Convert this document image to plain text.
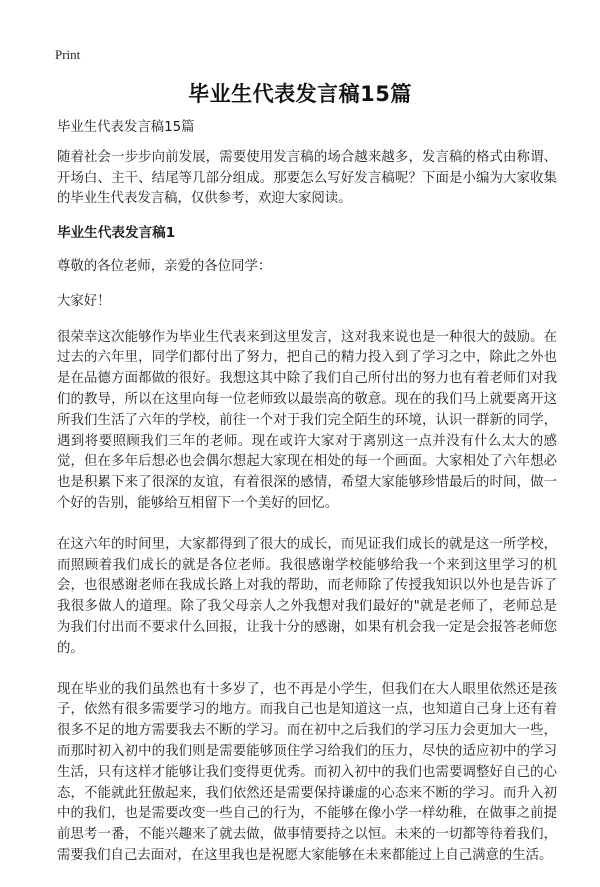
Print
毕业生代表发言稿15篇

毕业生代表发言稿15篇

随着社会一步步向前发展，需要使用发言稿的场合越来越多，发言稿的格式由称谓、开场白、主干、结尾等几部分组成。那要怎么写好发言稿呢？下面是小编为大家收集的毕业生代表发言稿，仅供参考，欢迎大家阅读。

毕业生代表发言稿1

尊敬的各位老师，亲爱的各位同学：

大家好！

很荣幸这次能够作为毕业生代表来到这里发言，这对我来说也是一种很大的鼓励。在过去的六年里，同学们都付出了努力，把自己的精力投入到了学习之中，除此之外也是在品德方面都做的很好。我想这其中除了我们自己所付出的努力也有着老师们对我们的教导，所以在这里向每一位老师致以最崇高的敬意。现在的我们马上就要离开这所我们生活了六年的学校，前往一个对于我们完全陌生的环境，认识一群新的同学，遇到将要照顾我们三年的老师。现在或许大家对于离别这一点并没有什么太大的感觉，但在多年后想必也会偶尔想起大家现在相处的每一个画面。大家相处了六年想必也是积累下来了很深的友谊，有着很深的感情，希望大家能够珍惜最后的时间，做一个好的告别，能够给互相留下一个美好的回忆。

在这六年的时间里，大家都得到了很大的成长，而见证我们成长的就是这一所学校，而照顾着我们成长的就是各位老师。我很感谢学校能够给我一个来到这里学习的机会，也很感谢老师在我成长路上对我的帮助，而老师除了传授我知识以外也是告诉了我很多做人的道理。除了我父母亲人之外我想对我们最好的"就是老师了，老师总是为我们付出而不要求什么回报，让我十分的感谢，如果有机会我一定是会报答老师您的。

现在毕业的我们虽然也有十多岁了，也不再是小学生，但我们在大人眼里依然还是孩子，依然有很多需要学习的地方。而我自己也是知道这一点，也知道自己身上还有着很多不足的地方需要我去不断的学习。而在初中之后我们的学习压力会更加大一些，而那时初入初中的我们则是需要能够顶住学习给我们的压力，尽快的适应初中的学习生活，只有这样才能够让我们变得更优秀。而初入初中的我们也需要调整好自己的心态，不能就此狂傲起来，我们依然还是需要保持谦虚的心态来不断的学习。而升入初中的我们，也是需要改变一些自己的行为，不能够在像小学一样幼稚，在做事之前提前思考一番，不能兴趣来了就去做，做事情要持之以恒。未来的一切都等待着我们，需要我们自己去面对，在这里我也是祝愿大家能够在未来都能过上自己满意的生活。
